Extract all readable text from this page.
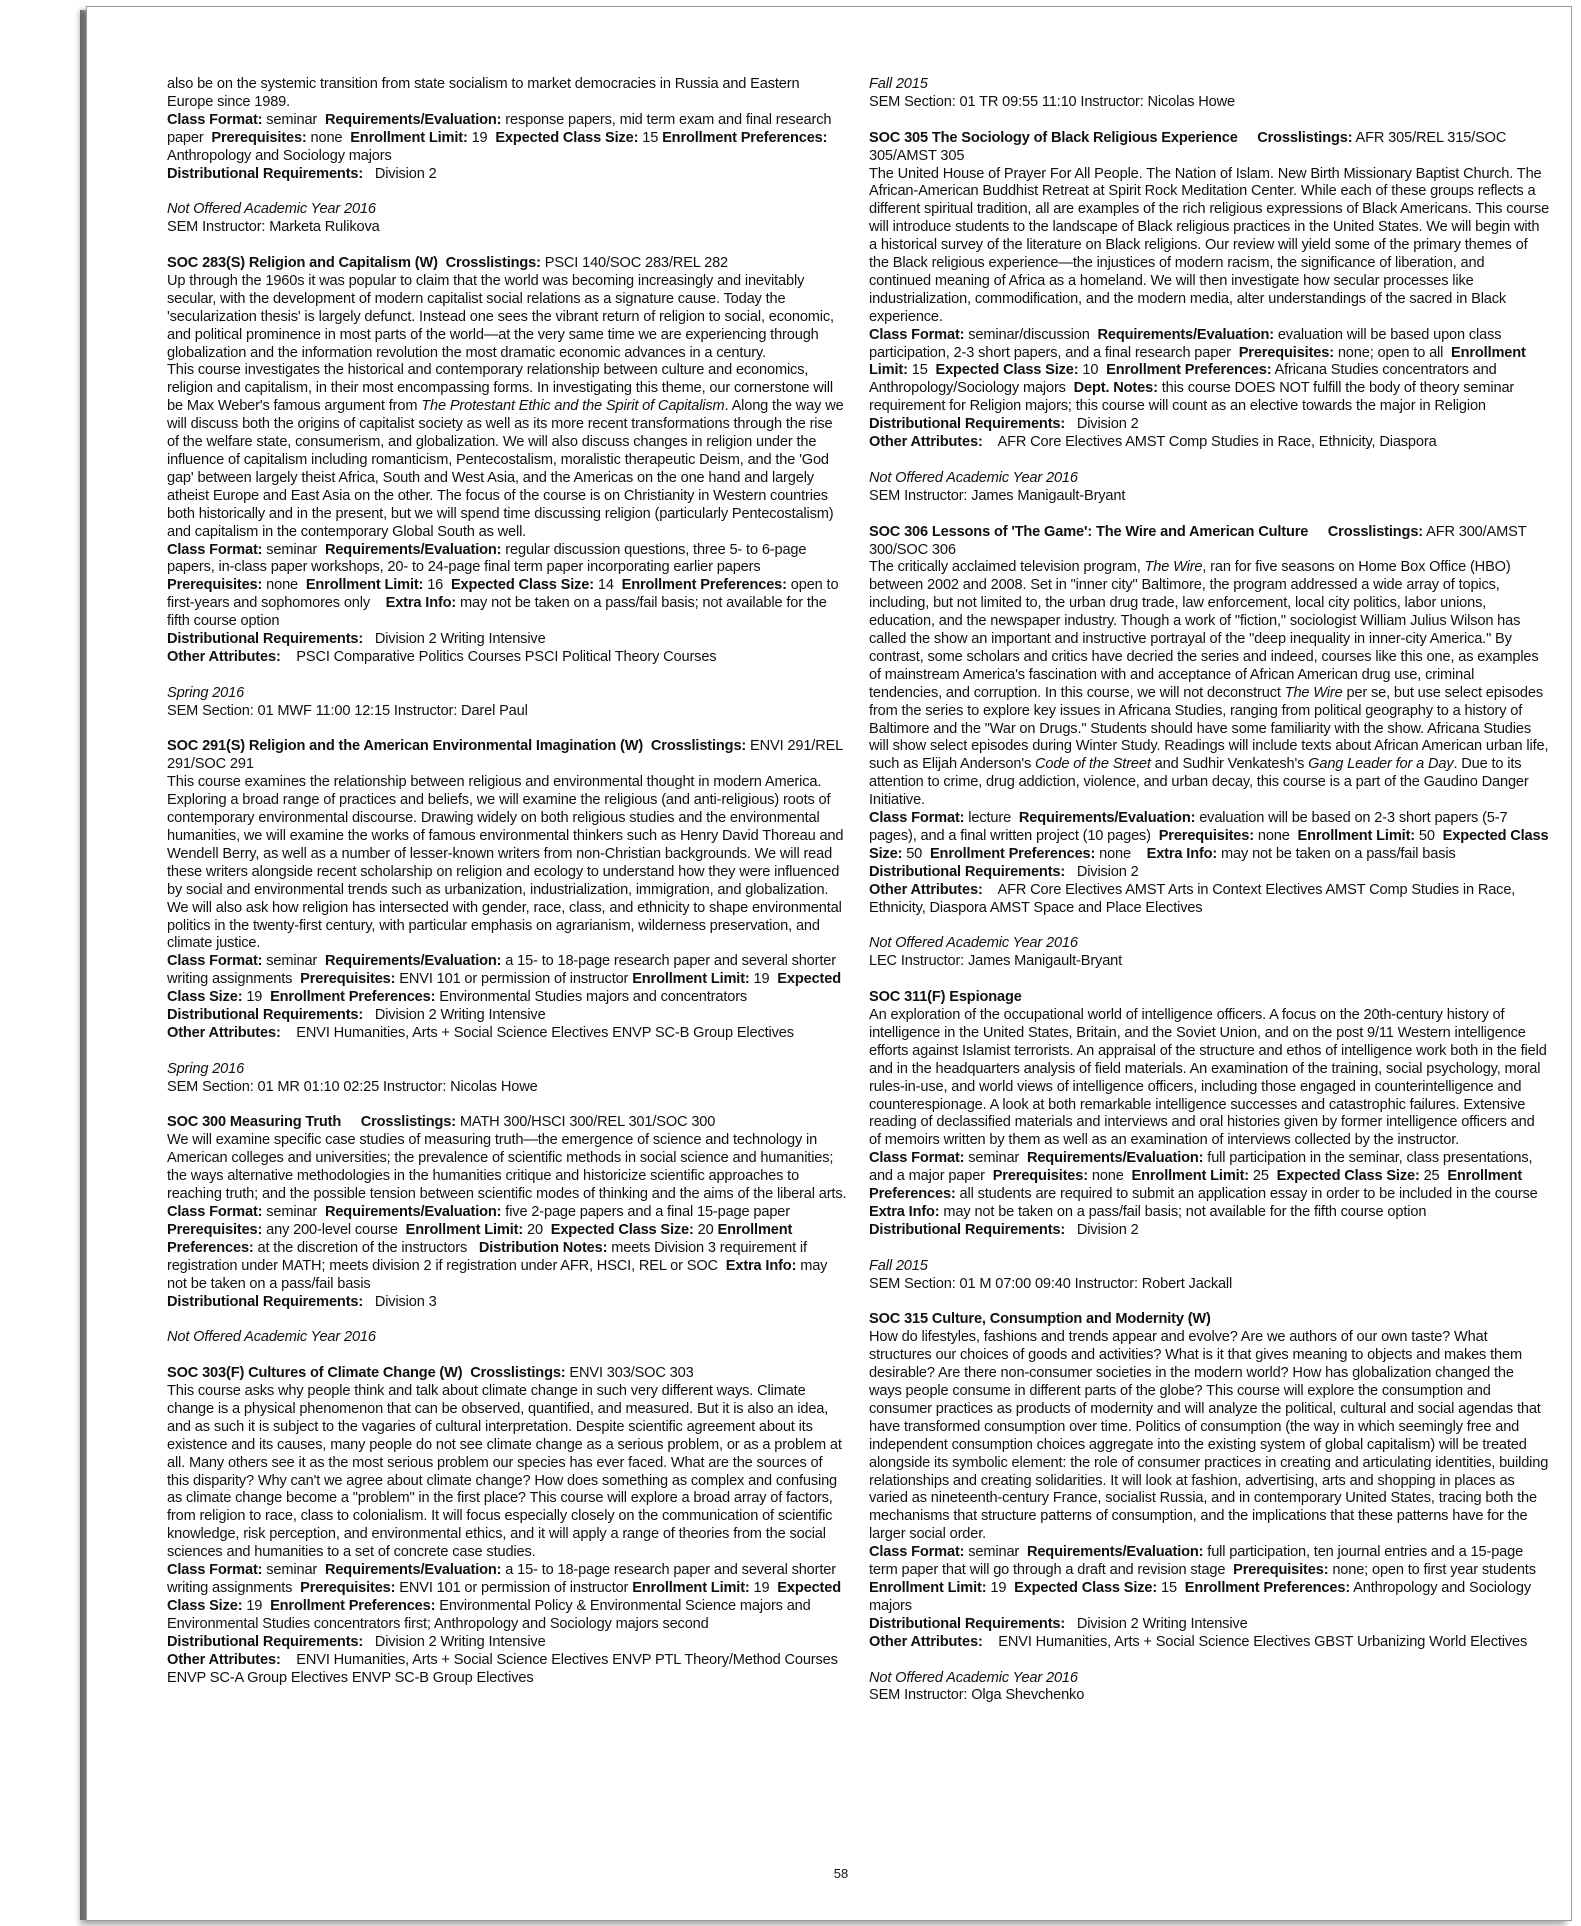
also be on the systemic transition from state socialism to market democracies in Russia and Eastern Europe since 1989.

Class Format: seminar Requirements/Evaluation: response papers, mid term exam and final research paper Prerequisites: none Enrollment Limit: 19 Expected Class Size: 15 Enrollment Preferences: Anthropology and Sociology majors

Distributional Requirements: Division 2

Not Offered Academic Year 2016

SEM Instructor: Marketa Rulikova

SOC 283(S) Religion and Capitalism (W) Crosslistings: PSCI 140/SOC 283/REL 282

Up through the 1960s it was popular to claim that the world was becoming increasingly and inevitably secular, with the development of modern capitalist social relations as a signature cause. Today the 'secularization thesis' is largely defunct. Instead one sees the vibrant return of religion to social, economic, and political prominence in most parts of the world—at the very same time we are experiencing through globalization and the information revolution the most dramatic economic advances in a century.

This course investigates the historical and contemporary relationship between culture and economics, religion and capitalism, in their most encompassing forms. In investigating this theme, our cornerstone will be Max Weber's famous argument from The Protestant Ethic and the Spirit of Capitalism. Along the way we will discuss both the origins of capitalist society as well as its more recent transformations through the rise of the welfare state, consumerism, and globalization. We will also discuss changes in religion under the influence of capitalism including romanticism, Pentecostalism, moralistic therapeutic Deism, and the 'God gap' between largely theist Africa, South and West Asia, and the Americas on the one hand and largely atheist Europe and East Asia on the other. The focus of the course is on Christianity in Western countries both historically and in the present, but we will spend time discussing religion (particularly Pentecostalism) and capitalism in the contemporary Global South as well.

Class Format: seminar Requirements/Evaluation: regular discussion questions, three 5- to 6-page papers, in-class paper workshops, 20- to 24-page final term paper incorporating earlier papers  Prerequisites: none Enrollment Limit: 16 Expected Class Size: 14 Enrollment Preferences: open to first-years and sophomores only Extra Info: may not be taken on a pass/fail basis; not available for the fifth course option

Distributional Requirements: Division 2 Writing Intensive

Other Attributes: PSCI Comparative Politics Courses PSCI Political Theory Courses

Spring 2016

SEM Section: 01 MWF 11:00 12:15 Instructor: Darel Paul

SOC 291(S) Religion and the American Environmental Imagination (W) Crosslistings: ENVI 291/REL 291/SOC 291

This course examines the relationship between religious and environmental thought in modern America. Exploring a broad range of practices and beliefs, we will examine the religious (and anti-religious) roots of contemporary environmental discourse. Drawing widely on both religious studies and the environmental humanities, we will examine the works of famous environmental thinkers such as Henry David Thoreau and Wendell Berry, as well as a number of lesser-known writers from non-Christian backgrounds. We will read these writers alongside recent scholarship on religion and ecology to understand how they were influenced by social and environmental trends such as urbanization, industrialization, immigration, and globalization. We will also ask how religion has intersected with gender, race, class, and ethnicity to shape environmental politics in the twenty-first century, with particular emphasis on agrarianism, wilderness preservation, and climate justice.

Class Format: seminar Requirements/Evaluation: a 15- to 18-page research paper and several shorter writing assignments Prerequisites: ENVI 101 or permission of instructor Enrollment Limit: 19 Expected Class Size: 19 Enrollment Preferences: Environmental Studies majors and concentrators

Distributional Requirements: Division 2 Writing Intensive

Other Attributes: ENVI Humanities, Arts + Social Science Electives ENVP SC-B Group Electives

Spring 2016

SEM Section: 01 MR 01:10 02:25 Instructor: Nicolas Howe

SOC 300 Measuring Truth Crosslistings: MATH 300/HSCI 300/REL 301/SOC 300

We will examine specific case studies of measuring truth—the emergence of science and technology in American colleges and universities; the prevalence of scientific methods in social science and humanities; the ways alternative methodologies in the humanities critique and historicize scientific approaches to reaching truth; and the possible tension between scientific modes of thinking and the aims of the liberal arts.

Class Format: seminar Requirements/Evaluation: five 2-page papers and a final 15-page paper  Prerequisites: any 200-level course Enrollment Limit: 20 Expected Class Size: 20 Enrollment Preferences: at the discretion of the instructors Distribution Notes: meets Division 3 requirement if registration under MATH; meets division 2 if registration under AFR, HSCI, REL or SOC Extra Info: may not be taken on a pass/fail basis

Distributional Requirements: Division 3

Not Offered Academic Year 2016

SOC 303(F) Cultures of Climate Change (W) Crosslistings: ENVI 303/SOC 303

This course asks why people think and talk about climate change in such very different ways. Climate change is a physical phenomenon that can be observed, quantified, and measured. But it is also an idea, and as such it is subject to the vagaries of cultural interpretation. Despite scientific agreement about its existence and its causes, many people do not see climate change as a serious problem, or as a problem at all. Many others see it as the most serious problem our species has ever faced. What are the sources of this disparity? Why can't we agree about climate change? How does something as complex and confusing as climate change become a "problem" in the first place? This course will explore a broad array of factors, from religion to race, class to colonialism. It will focus especially closely on the communication of scientific knowledge, risk perception, and environmental ethics, and it will apply a range of theories from the social sciences and humanities to a set of concrete case studies.

Class Format: seminar Requirements/Evaluation: a 15- to 18-page research paper and several shorter writing assignments Prerequisites: ENVI 101 or permission of instructor Enrollment Limit: 19 Expected Class Size: 19 Enrollment Preferences: Environmental Policy & Environmental Science majors and Environmental Studies concentrators first; Anthropology and Sociology majors second

Distributional Requirements: Division 2 Writing Intensive

Other Attributes: ENVI Humanities, Arts + Social Science Electives ENVP PTL Theory/Method Courses ENVP SC-A Group Electives ENVP SC-B Group Electives

Fall 2015

SEM Section: 01 TR 09:55 11:10 Instructor: Nicolas Howe

SOC 305 The Sociology of Black Religious Experience Crosslistings: AFR 305/REL 315/SOC 305/AMST 305

The United House of Prayer For All People. The Nation of Islam. New Birth Missionary Baptist Church. The African-American Buddhist Retreat at Spirit Rock Meditation Center. While each of these groups reflects a different spiritual tradition, all are examples of the rich religious expressions of Black Americans. This course will introduce students to the landscape of Black religious practices in the United States. We will begin with a historical survey of the literature on Black religions. Our review will yield some of the primary themes of the Black religious experience—the injustices of modern racism, the significance of liberation, and continued meaning of Africa as a homeland. We will then investigate how secular processes like industrialization, commodification, and the modern media, alter understandings of the sacred in Black experience.

Class Format: seminar/discussion Requirements/Evaluation: evaluation will be based upon class participation, 2-3 short papers, and a final research paper Prerequisites: none; open to all Enrollment Limit: 15 Expected Class Size: 10 Enrollment Preferences: Africana Studies concentrators and Anthropology/Sociology majors Dept. Notes: this course DOES NOT fulfill the body of theory seminar requirement for Religion majors; this course will count as an elective towards the major in Religion

Distributional Requirements: Division 2

Other Attributes: AFR Core Electives AMST Comp Studies in Race, Ethnicity, Diaspora

Not Offered Academic Year 2016

SEM Instructor: James Manigault-Bryant

SOC 306 Lessons of 'The Game': The Wire and American Culture Crosslistings: AFR 300/AMST 300/SOC 306

The critically acclaimed television program, The Wire, ran for five seasons on Home Box Office (HBO) between 2002 and 2008. Set in "inner city" Baltimore, the program addressed a wide array of topics, including, but not limited to, the urban drug trade, law enforcement, local city politics, labor unions, education, and the newspaper industry. Though a work of "fiction," sociologist William Julius Wilson has called the show an important and instructive portrayal of the "deep inequality in inner-city America." By contrast, some scholars and critics have decried the series and indeed, courses like this one, as examples of mainstream America's fascination with and acceptance of African American drug use, criminal tendencies, and corruption. In this course, we will not deconstruct The Wire per se, but use select episodes from the series to explore key issues in Africana Studies, ranging from political geography to a history of Baltimore and the "War on Drugs." Students should have some familiarity with the show. Africana Studies will show select episodes during Winter Study. Readings will include texts about African American urban life, such as Elijah Anderson's Code of the Street and Sudhir Venkatesh's Gang Leader for a Day. Due to its attention to crime, drug addiction, violence, and urban decay, this course is a part of the Gaudino Danger Initiative.

Class Format: lecture Requirements/Evaluation: evaluation will be based on 2-3 short papers (5-7 pages), and a final written project (10 pages) Prerequisites: none Enrollment Limit: 50 Expected Class Size: 50 Enrollment Preferences: none Extra Info: may not be taken on a pass/fail basis

Distributional Requirements: Division 2

Other Attributes: AFR Core Electives AMST Arts in Context Electives AMST Comp Studies in Race, Ethnicity, Diaspora AMST Space and Place Electives

Not Offered Academic Year 2016

LEC Instructor: James Manigault-Bryant

SOC 311(F) Espionage

An exploration of the occupational world of intelligence officers. A focus on the 20th-century history of intelligence in the United States, Britain, and the Soviet Union, and on the post 9/11 Western intelligence efforts against Islamist terrorists. An appraisal of the structure and ethos of intelligence work both in the field and in the headquarters analysis of field materials. An examination of the training, social psychology, moral rules-in-use, and world views of intelligence officers, including those engaged in counterintelligence and counterespionage. A look at both remarkable intelligence successes and catastrophic failures. Extensive reading of declassified materials and interviews and oral histories given by former intelligence officers and of memoirs written by them as well as an examination of interviews collected by the instructor.

Class Format: seminar Requirements/Evaluation: full participation in the seminar, class presentations, and a major paper Prerequisites: none Enrollment Limit: 25 Expected Class Size: 25 Enrollment Preferences: all students are required to submit an application essay in order to be included in the course    Extra Info: may not be taken on a pass/fail basis; not available for the fifth course option

Distributional Requirements: Division 2

Fall 2015

SEM Section: 01 M 07:00 09:40 Instructor: Robert Jackall

SOC 315 Culture, Consumption and Modernity (W)

How do lifestyles, fashions and trends appear and evolve? Are we authors of our own taste? What structures our choices of goods and activities? What is it that gives meaning to objects and makes them desirable? Are there non-consumer societies in the modern world? How has globalization changed the ways people consume in different parts of the globe? This course will explore the consumption and consumer practices as products of modernity and will analyze the political, cultural and social agendas that have transformed consumption over time. Politics of consumption (the way in which seemingly free and independent consumption choices aggregate into the existing system of global capitalism) will be treated alongside its symbolic element: the role of consumer practices in creating and articulating identities, building relationships and creating solidarities. It will look at fashion, advertising, arts and shopping in places as varied as nineteenth-century France, socialist Russia, and in contemporary United States, tracing both the mechanisms that structure patterns of consumption, and the implications that these patterns have for the larger social order.

Class Format: seminar Requirements/Evaluation: full participation, ten journal entries and a 15-page term paper that will go through a draft and revision stage Prerequisites: none; open to first year students  Enrollment Limit: 19 Expected Class Size: 15 Enrollment Preferences: Anthropology and Sociology majors

Distributional Requirements: Division 2 Writing Intensive

Other Attributes: ENVI Humanities, Arts + Social Science Electives GBST Urbanizing World Electives

Not Offered Academic Year 2016

SEM Instructor: Olga Shevchenko

58
